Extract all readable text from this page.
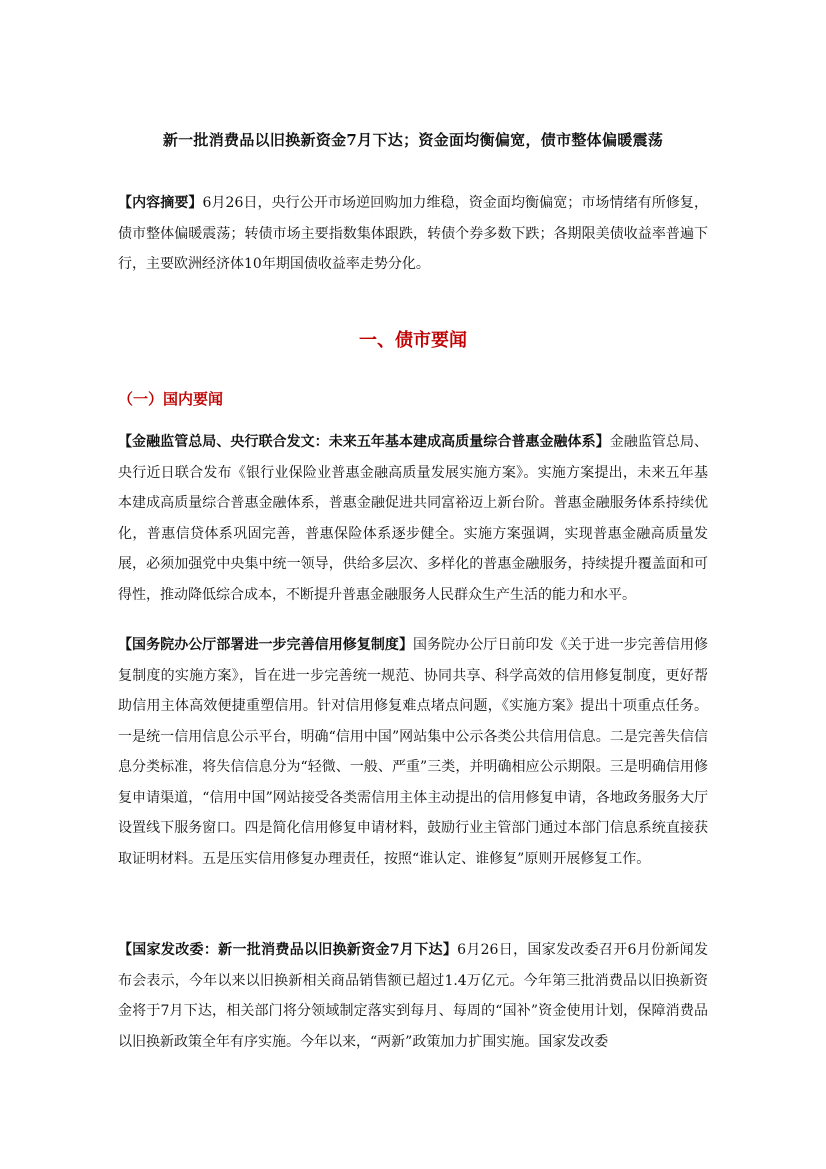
新一批消费品以旧换新资金7月下达；资金面均衡偏宽，债市整体偏暖震荡

【内容摘要】6月26日，央行公开市场逆回购加力维稳，资金面均衡偏宽；市场情绪有所修复，债市整体偏暖震荡；转债市场主要指数集体跟跌，转债个券多数下跌；各期限美债收益率普遍下行，主要欧洲经济体10年期国债收益率走势分化。

一、债市要闻
（一）国内要闻

【金融监管总局、央行联合发文：未来五年基本建成高质量综合普惠金融体系】金融监管总局、央行近日联合发布《银行业保险业普惠金融高质量发展实施方案》。实施方案提出，未来五年基本建成高质量综合普惠金融体系，普惠金融促进共同富裕迈上新台阶。普惠金融服务体系持续优化，普惠信贷体系巩固完善，普惠保险体系逐步健全。实施方案强调，实现普惠金融高质量发展，必须加强党中央集中统一领导，供给多层次、多样化的普惠金融服务，持续提升覆盖面和可得性，推动降低综合成本，不断提升普惠金融服务人民群众生产生活的能力和水平。

【国务院办公厅部署进一步完善信用修复制度】国务院办公厅日前印发《关于进一步完善信用修复制度的实施方案》，旨在进一步完善统一规范、协同共享、科学高效的信用修复制度，更好帮助信用主体高效便捷重塑信用。针对信用修复难点堵点问题，《实施方案》提出十项重点任务。一是统一信用信息公示平台，明确“信用中国”网站集中公示各类公共信用信息。二是完善失信信息分类标准，将失信信息分为“轻微、一般、严重”三类，并明确相应公示期限。三是明确信用修复申请渠道，“信用中国”网站接受各类需信用主体主动提出的信用修复申请，各地政务服务大厅设置线下服务窗口。四是简化信用修复申请材料，鼓励行业主管部门通过本部门信息系统直接获取证明材料。五是压实信用修复办理责任，按照“谁认定、谁修复”原则开展修复工作。

【国家发改委：新一批消费品以旧换新资金7月下达】6月26日，国家发改委召开6月份新闻发布会表示，今年以来以旧换新相关商品销售额已超过1.4万亿元。今年第三批消费品以旧换新资金将于7月下达，相关部门将分领域制定落实到每月、每周的“国补”资金使用计划，保障消费品以旧换新政策全年有序实施。今年以来，“两新”政策加力扩围实施。国家发改委
